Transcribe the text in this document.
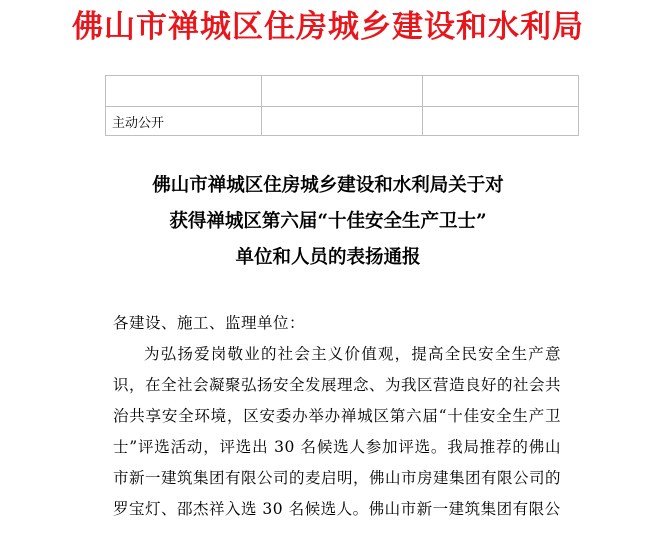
佛山市禅城区住房城乡建设和水利局

主动公开		
佛山市禅城区住房城乡建设和水利局关于对
获得禅城区第六届“十佳安全生产卫士”
单位和人员的表扬通报

各建设、施工、监理单位：

为弘扬爱岗敬业的社会主义价值观，提高全民安全生产意识，在全社会凝聚弘扬安全发展理念、为我区营造良好的社会共治共享安全环境，区安委办举办禅城区第六届“十佳安全生产卫士”评选活动，评选出 30 名候选人参加评选。我局推荐的佛山市新一建筑集团有限公司的麦启明，佛山市房建集团有限公司的罗宝灯、邵杰祥入选 30 名候选人。佛山市新一建筑集团有限公
